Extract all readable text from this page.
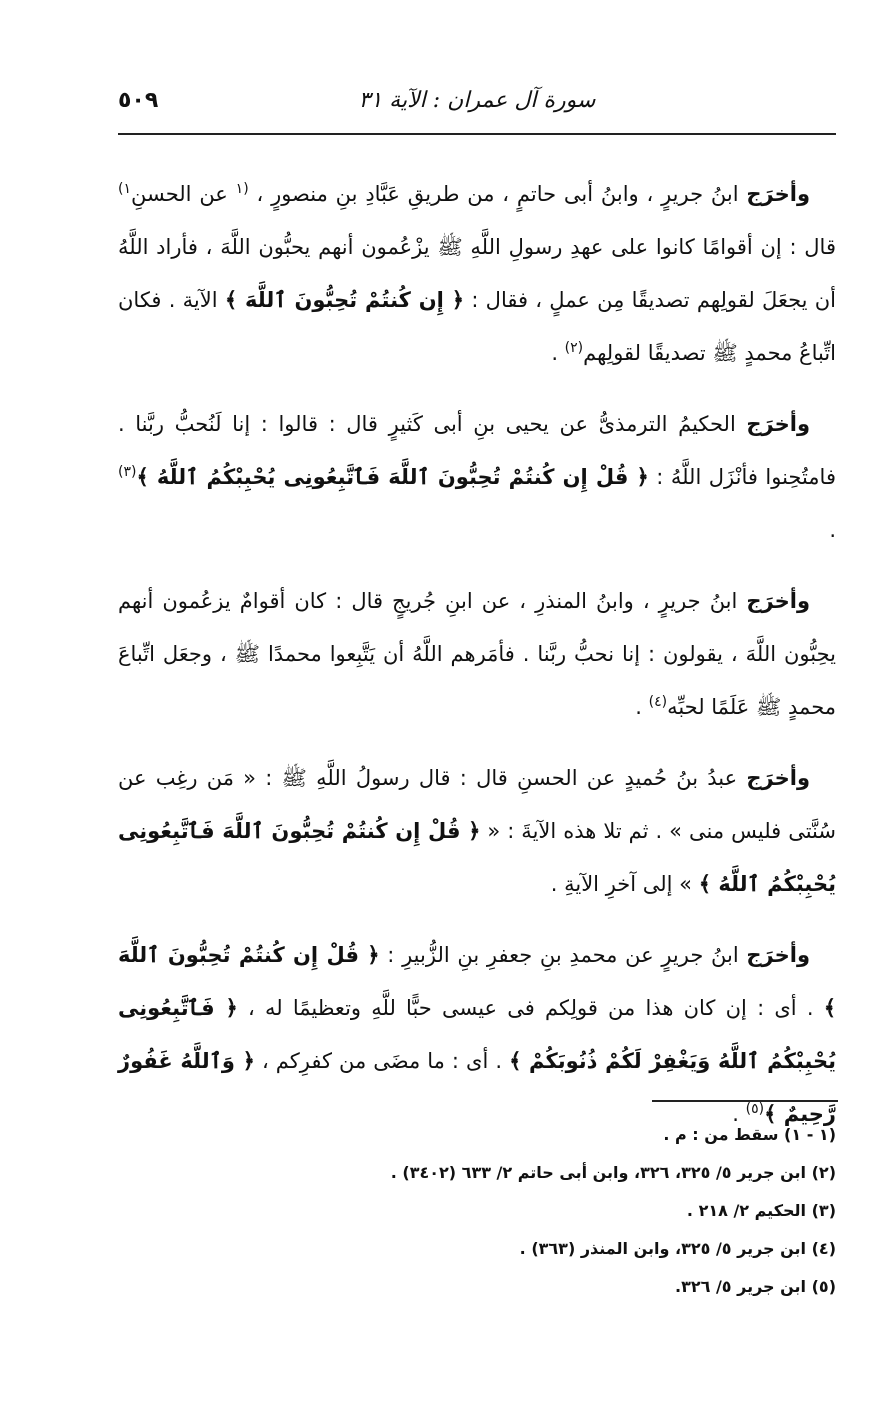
سورة آل عمران : الآية ٣١
٥٠٩

وأخرَج ابنُ جريرٍ ، وابنُ أبى حاتمٍ ، من طريقِ عَبَّادِ بنِ منصورٍ ، $^{(١}$ عن الحسنِ$^{١)}$ قال : إن أقوامًا كانوا على عهدِ رسولِ اللَّهِ ﷺ يزْعُمون أنهم يحبُّون اللَّهَ ، فأراد اللَّهُ أن يجعَلَ لقولِهم تصديقًا مِن عملٍ ، فقال : ﴿ إِن كُنتُمْ تُحِبُّونَ ٱللَّهَ ﴾ الآية . فكان اتِّباعُ محمدٍ ﷺ تصديقًا لقولِهم$^{(٢)}$ .

وأخرَج الحكيمُ الترمذىُّ عن يحيى بنِ أبى كَثيرٍ قال : قالوا : إنا لَنُحبُّ ربَّنا . فامتُحِنوا فأنْزَل اللَّهُ : ﴿ قُلْ إِن كُنتُمْ تُحِبُّونَ ٱللَّهَ فَٱتَّبِعُونِى يُحْبِبْكُمُ ٱللَّهُ ﴾$^{(٣)}$ .

وأخرَج ابنُ جريرٍ ، وابنُ المنذرِ ، عن ابنِ جُريجٍ قال : كان أقوامٌ يزعُمون أنهم يحِبُّون اللَّهَ ، يقولون : إنا نحبُّ ربَّنا . فأمَرهم اللَّهُ أن يَتَّبِعوا محمدًا ﷺ ، وجعَل اتِّباعَ محمدٍ ﷺ عَلَمًا لحبِّه$^{(٤)}$ .

وأخرَج عبدُ بنُ حُميدٍ عن الحسنِ قال : قال رسولُ اللَّهِ ﷺ : « مَن رغِب عن سُنَّتى فليس منى » . ثم تلا هذه الآيةَ : « ﴿ قُلْ إِن كُنتُمْ تُحِبُّونَ ٱللَّهَ فَٱتَّبِعُونِى يُحْبِبْكُمُ ٱللَّهُ ﴾ » إلى آخرِ الآيةِ .

وأخرَج ابنُ جريرٍ عن محمدِ بنِ جعفرِ بنِ الزُّبيرِ : ﴿ قُلْ إِن كُنتُمْ تُحِبُّونَ ٱللَّهَ ﴾ . أى : إن كان هذا من قولِكم فى عيسى حبًّا للَّهِ وتعظيمًا له ، ﴿ فَٱتَّبِعُونِى يُحْبِبْكُمُ ٱللَّهُ وَيَغْفِرْ لَكُمْ ذُنُوبَكُمْ ﴾ . أى : ما مضَى من كفرِكم ، ﴿ وَٱللَّهُ غَفُورٌ رَّحِيمٌ ﴾$^{(٥)}$ .

(١ - ١) سقط من : م .

(٢) ابن جرير ٥/ ٣٢٥، ٣٢٦، وابن أبى حاتم ٢/ ٦٣٣ (٣٤٠٢) .

(٣) الحكيم ٢/ ٢١٨ .

(٤) ابن جرير ٥/ ٣٢٥، وابن المنذر (٣٦٣) .

(٥) ابن جرير ٥/ ٣٢٦.
